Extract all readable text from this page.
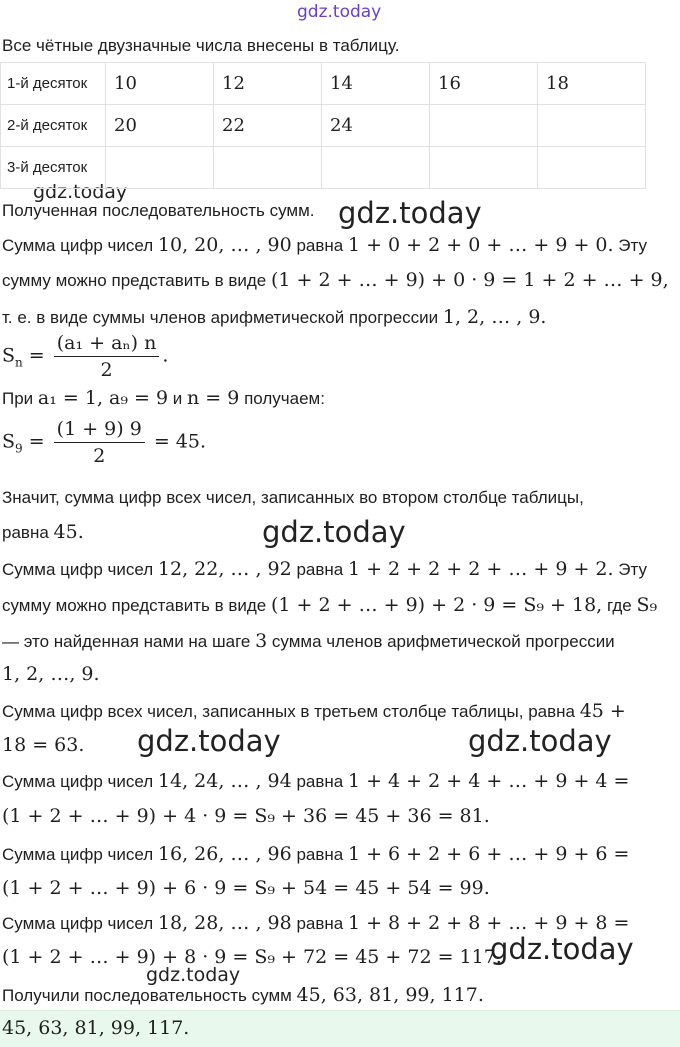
gdz.today
gdz.today
gdz.today
gdz.today
gdz.today	gdz.today
gdz.today
gdz.today
Все чётные двузначные числа внесены в таблицу.
1-й десяток	10	12	14	16	18
2-й десяток	20	22	24		
3-й десяток					
Полученная последовательность сумм.
Сумма цифр чисел 10, 20, … , 90 равна 1 + 0 + 2 + 0 + … + 9 + 0. Эту
сумму можно представить в виде (1 + 2 + … + 9) + 0 · 9 = 1 + 2 + … + 9,
т. е. в виде суммы членов арифметической прогрессии 1, 2, … , 9.
$S_n = \frac{\text{(a₁ + aₙ) n}}{2}$ .
При a₁ = 1, a₉ = 9 и n = 9 получаем:
$S_9 = \frac{(1 + 9) 9}{2} = 45$.
Значит, сумма цифр всех чисел, записанных во втором столбце таблицы,
равна 45.
Сумма цифр чисел 12, 22, … , 92 равна 1 + 2 + 2 + 2 + … + 9 + 2. Эту
сумму можно представить в виде (1 + 2 + … + 9) + 2 · 9 = S₉ + 18, где S₉
— это найденная нами на шаге 3 сумма членов арифметической прогрессии
1, 2, …, 9.
Сумма цифр всех чисел, записанных в третьем столбце таблицы, равна 45 +
18 = 63.
Сумма цифр чисел 14, 24, … , 94 равна 1 + 4 + 2 + 4 + … + 9 + 4 =
(1 + 2 + … + 9) + 4 · 9 = S₉ + 36 = 45 + 36 = 81.
Сумма цифр чисел 16, 26, … , 96 равна 1 + 6 + 2 + 6 + … + 9 + 6 =
(1 + 2 + … + 9) + 6 · 9 = S₉ + 54 = 45 + 54 = 99.
Сумма цифр чисел 18, 28, … , 98 равна 1 + 8 + 2 + 8 + … + 9 + 8 =
(1 + 2 + … + 9) + 8 · 9 = S₉ + 72 = 45 + 72 = 117.
Получили последовательность сумм 45, 63, 81, 99, 117.
45, 63, 81, 99, 117.
